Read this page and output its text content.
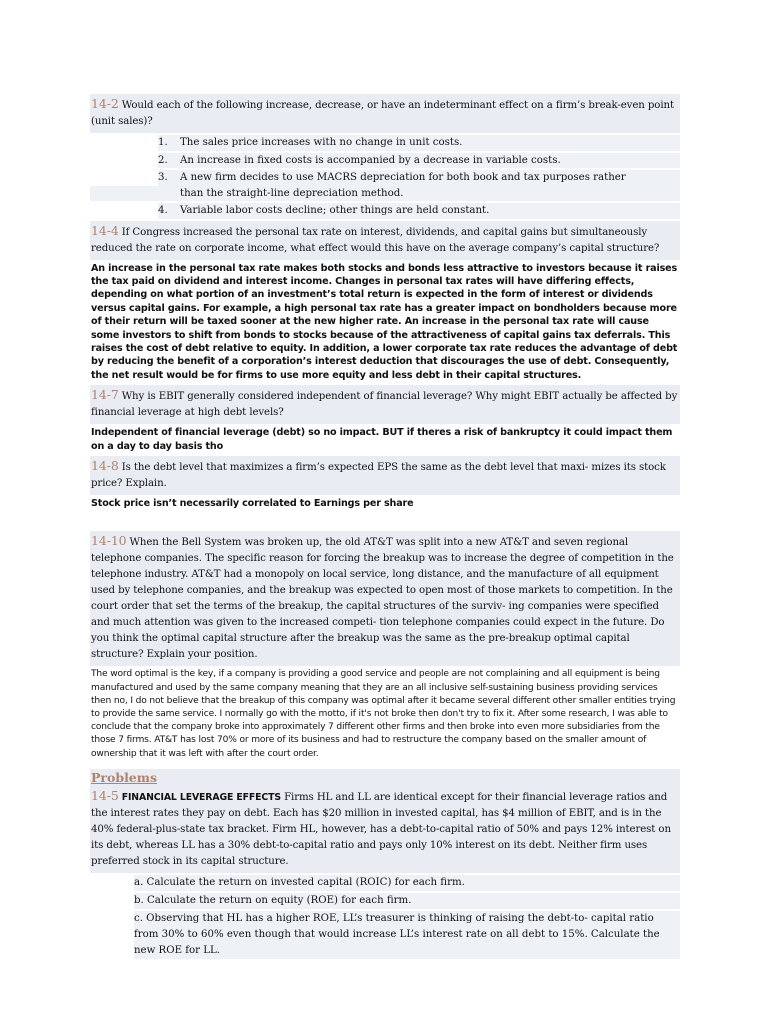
14-2 Would each of the following increase, decrease, or have an indeterminant effect on a firm’s break-even point (unit sales)?
1.	The sales price increases with no change in unit costs.
2.	An increase in fixed costs is accompanied by a decrease in variable costs.
3.	A new firm decides to use MACRS depreciation for both book and tax purposes rather
than the straight-line depreciation method.
4.	Variable labor costs decline; other things are held constant.
14-4 If Congress increased the personal tax rate on interest, dividends, and capital gains but simultaneously reduced the rate on corporate income, what effect would this have on the average company’s capital structure?
An increase in the personal tax rate makes both stocks and bonds less attractive to investors because it raises the tax paid on dividend and interest income. Changes in personal tax rates will have differing effects, depending on what portion of an investment’s total return is expected in the form of interest or dividends versus capital gains. For example, a high personal tax rate has a greater impact on bondholders because more of their return will be taxed sooner at the new higher rate. An increase in the personal tax rate will cause some investors to shift from bonds to stocks because of the attractiveness of capital gains tax deferrals. This raises the cost of debt relative to equity. In addition, a lower corporate tax rate reduces the advantage of debt by reducing the benefit of a corporation’s interest deduction that discourages the use of debt. Consequently, the net result would be for firms to use more equity and less debt in their capital structures.
14-7 Why is EBIT generally considered independent of financial leverage? Why might EBIT actually be affected by financial leverage at high debt levels?
Independent of financial leverage (debt) so no impact. BUT if theres a risk of bankruptcy it could impact them on a day to day basis tho
14-8 Is the debt level that maximizes a firm’s expected EPS the same as the debt level that maxi- mizes its stock price? Explain.
Stock price isn’t necessarily correlated to Earnings per share
14-10 When the Bell System was broken up, the old AT&T was split into a new AT&T and seven regional telephone companies. The specific reason for forcing the breakup was to increase the degree of competition in the telephone industry. AT&T had a monopoly on local service, long distance, and the manufacture of all equipment used by telephone companies, and the breakup was expected to open most of those markets to competition. In the court order that set the terms of the breakup, the capital structures of the surviv- ing companies were specified and much attention was given to the increased competi- tion telephone companies could expect in the future. Do you think the optimal capital structure after the breakup was the same as the pre-breakup optimal capital structure? Explain your position.
The word optimal is the key, if a company is providing a good service and people are not complaining and all equipment is being manufactured and used by the same company meaning that they are an all inclusive self-sustaining business providing services then no, I do not believe that the breakup of this company was optimal after it became several different other smaller entities trying to provide the same service. I normally go with the motto, if it's not broke then don't try to fix it. After some research, I was able to conclude that the company broke into approximately 7 different other firms and then broke into even more subsidiaries from the those 7 firms. AT&T has lost 70% or more of its business and had to restructure the company based on the smaller amount of ownership that it was left with after the court order.
Problems
14-5 FINANCIAL LEVERAGE EFFECTS Firms HL and LL are identical except for their financial leverage ratios and the interest rates they pay on debt. Each has $20 million in invested capital, has $4 million of EBIT, and is in the 40% federal-plus-state tax bracket. Firm HL, however, has a debt-to-capital ratio of 50% and pays 12% interest on its debt, whereas LL has a 30% debt-to-capital ratio and pays only 10% interest on its debt. Neither firm uses preferred stock in its capital structure.
a. Calculate the return on invested capital (ROIC) for each firm.
b. Calculate the return on equity (ROE) for each firm.
c. Observing that HL has a higher ROE, LL’s treasurer is thinking of raising the debt-to- capital ratio from 30% to 60% even though that would increase LL’s interest rate on all debt to 15%. Calculate the new ROE for LL.
